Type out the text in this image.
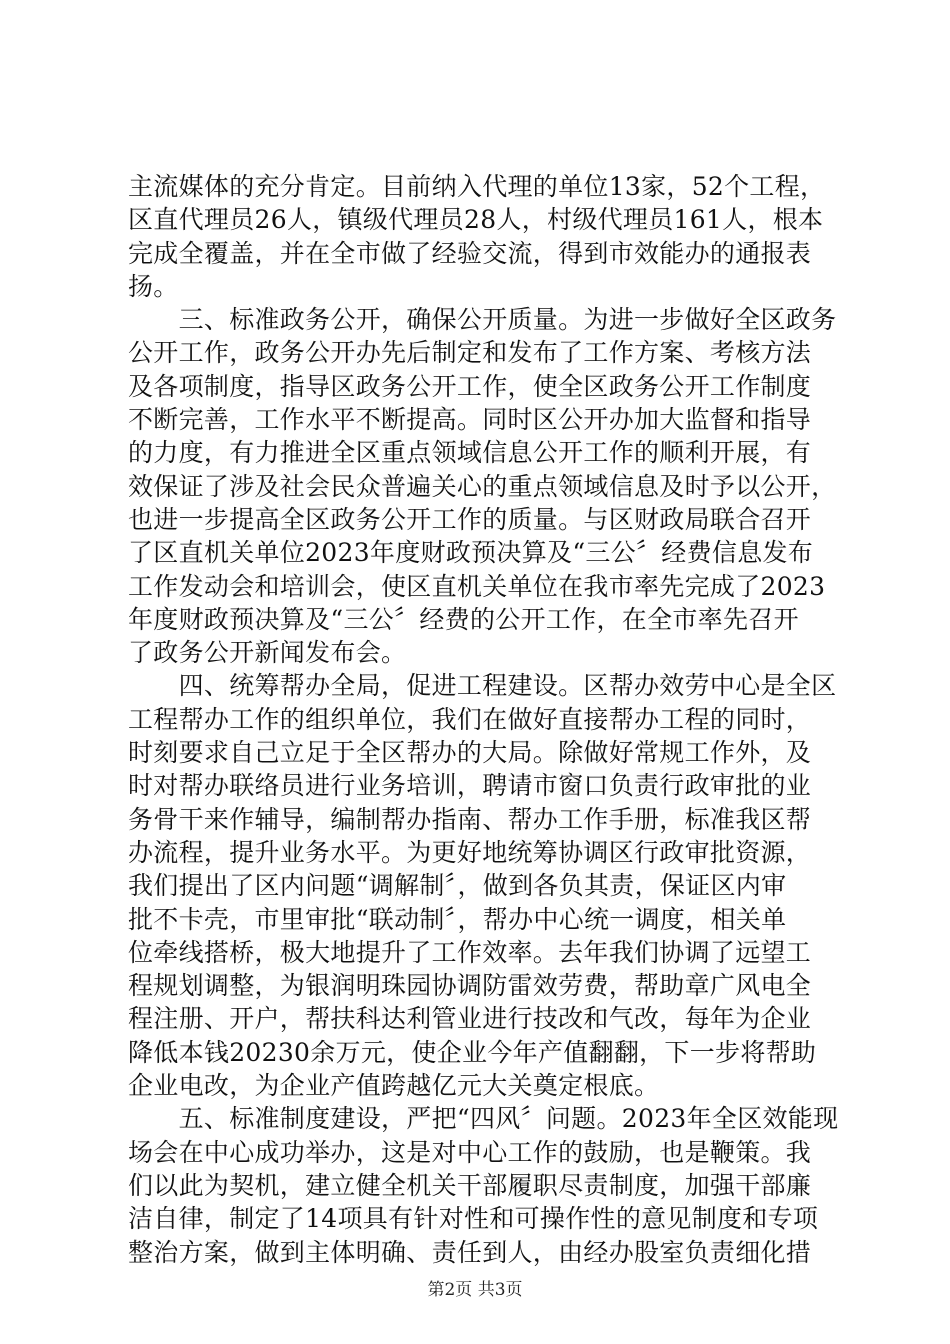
主流媒体的充分肯定。目前纳入代理的单位13家，52个工程，
区直代理员26人，镇级代理员28人，村级代理员161人，根本
完成全覆盖，并在全市做了经验交流，得到市效能办的通报表
扬。
　　三、标准政务公开，确保公开质量。为进一步做好全区政务
公开工作，政务公开办先后制定和发布了工作方案、考核方法
及各项制度，指导区政务公开工作，使全区政务公开工作制度
不断完善，工作水平不断提高。同时区公开办加大监督和指导
的力度，有力推进全区重点领域信息公开工作的顺利开展，有
效保证了涉及社会民众普遍关心的重点领域信息及时予以公开，
也进一步提高全区政务公开工作的质量。与区财政局联合召开
了区直机关单位2023年度财政预决算及“三公〞经费信息发布
工作发动会和培训会，使区直机关单位在我市率先完成了2023
年度财政预决算及“三公〞经费的公开工作，在全市率先召开
了政务公开新闻发布会。
　　四、统筹帮办全局，促进工程建设。区帮办效劳中心是全区
工程帮办工作的组织单位，我们在做好直接帮办工程的同时，
时刻要求自己立足于全区帮办的大局。除做好常规工作外，及
时对帮办联络员进行业务培训，聘请市窗口负责行政审批的业
务骨干来作辅导，编制帮办指南、帮办工作手册，标准我区帮
办流程，提升业务水平。为更好地统筹协调区行政审批资源，
我们提出了区内问题“调解制〞，做到各负其责，保证区内审
批不卡壳，市里审批“联动制〞，帮办中心统一调度，相关单
位牵线搭桥，极大地提升了工作效率。去年我们协调了远望工
程规划调整，为银润明珠园协调防雷效劳费，帮助章广风电全
程注册、开户，帮扶科达利管业进行技改和气改，每年为企业
降低本钱20230余万元，使企业今年产值翻翻，下一步将帮助
企业电改，为企业产值跨越亿元大关奠定根底。
　　五、标准制度建设，严把“四风〞问题。2023年全区效能现
场会在中心成功举办，这是对中心工作的鼓励，也是鞭策。我
们以此为契机，建立健全机关干部履职尽责制度，加强干部廉
洁自律，制定了14项具有针对性和可操作性的意见制度和专项
整治方案，做到主体明确、责任到人，由经办股室负责细化措
第2页 共3页
